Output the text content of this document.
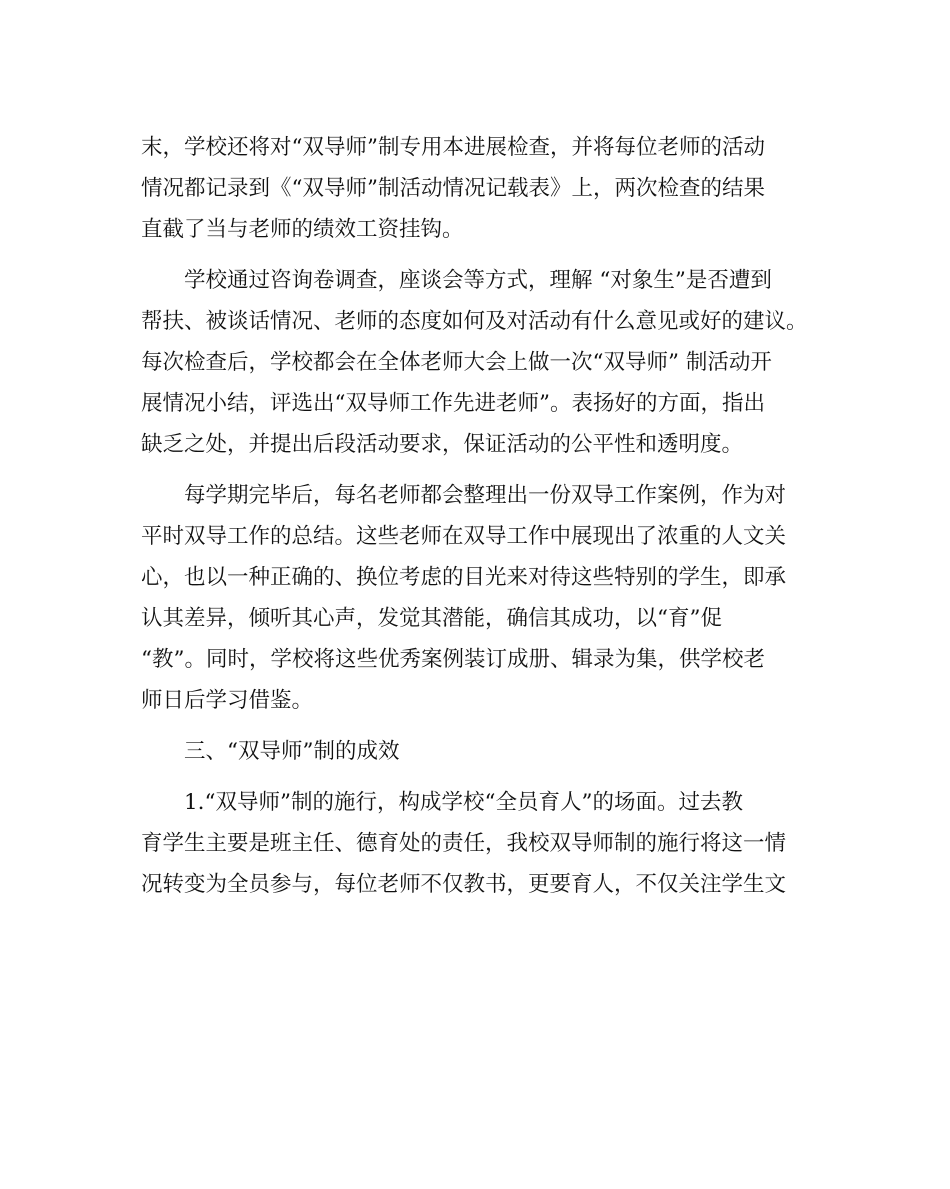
末，学校还将对“双导师”制专用本进展检查，并将每位老师的活动
情况都记录到《“双导师”制活动情况记载表》上，两次检查的结果
直截了当与老师的绩效工资挂钩。
学校通过咨询卷调查，座谈会等方式，理解 “对象生”是否遭到
帮扶、被谈话情况、老师的态度如何及对活动有什么意见或好的建议。
每次检查后，学校都会在全体老师大会上做一次“双导师” 制活动开
展情况小结，评选出“双导师工作先进老师”。表扬好的方面，指出
缺乏之处，并提出后段活动要求，保证活动的公平性和透明度。
每学期完毕后，每名老师都会整理出一份双导工作案例，作为对
平时双导工作的总结。这些老师在双导工作中展现出了浓重的人文关
心，也以一种正确的、换位考虑的目光来对待这些特别的学生，即承
认其差异，倾听其心声，发觉其潜能，确信其成功，以“育”促
“教”。同时，学校将这些优秀案例装订成册、辑录为集，供学校老
师日后学习借鉴。
三、“双导师”制的成效
1.“双导师”制的施行，构成学校“全员育人”的场面。过去教
育学生主要是班主任、德育处的责任，我校双导师制的施行将这一情
况转变为全员参与，每位老师不仅教书，更要育人，不仅关注学生文
